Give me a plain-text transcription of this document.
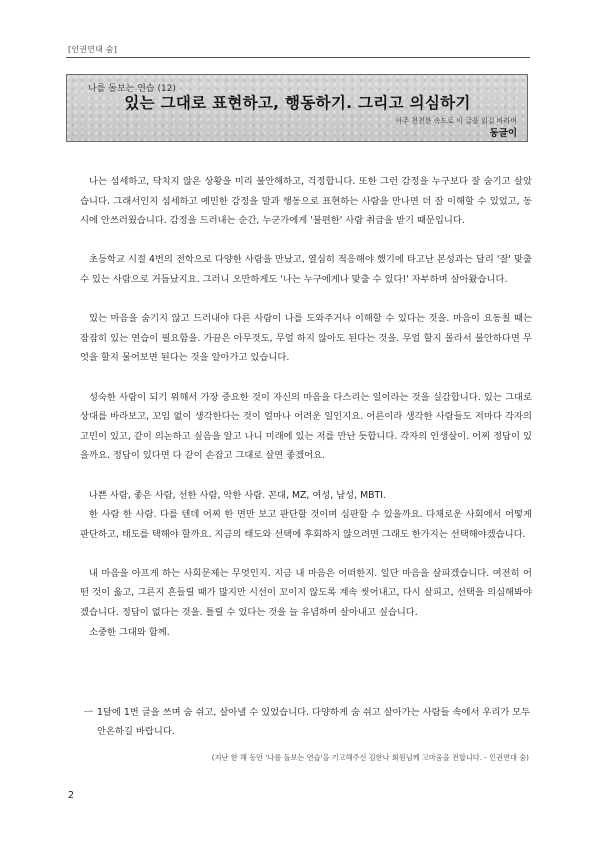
[인권연대 숨]
나를 돌보는 연습 (12)
있는 그대로 표현하고, 행동하기. 그리고 의심하기
아주 천천한 속도로 이 글을 읽길 바라며
동글이

나는 섬세하고, 닥치지 않은 상황을 미리 불안해하고, 걱정합니다. 또한 그런 감정을 누구보다 잘 숨기고 살았습니다. 그래서인지 섬세하고 예민한 감정을 말과 행동으로 표현하는 사람을 만나면 더 잘 이해할 수 있었고, 동시에 안쓰러웠습니다. 감정을 드러내는 순간, 누군가에게 '불편한' 사람 취급을 받기 때문입니다.

초등학교 시절 4번의 전학으로 다양한 사람을 만났고, 열심히 적응해야 했기에 타고난 본성과는 달리 '잘' 맞출 수 있는 사람으로 거듭났지요. 그러니 오만하게도 '나는 누구에게나 맞출 수 있다!' 자부하며 살아왔습니다.

있는 마음을 숨기지 않고 드러내야 다른 사람이 나를 도와주거나 이해할 수 있다는 것을. 마음이 요동칠 때는 잠잠히 있는 연습이 필요함을. 가끔은 아무것도, 무얼 하지 않아도 된다는 것을. 무얼 할지 몰라서 불안하다면 무엇을 할지 물어보면 된다는 것을 알아가고 있습니다.

성숙한 사람이 되기 위해서 가장 중요한 것이 자신의 마음을 다스리는 일이라는 것을 실감합니다. 있는 그대로 상대를 바라보고, 꼬임 없이 생각한다는 것이 얼마나 어려운 일인지요. 어른이라 생각한 사람들도 저마다 각자의 고민이 있고, 같이 의논하고 싶음을 알고 나니 미래에 있는 저를 만난 듯합니다. 각자의 인생살이. 어찌 정답이 있을까요. 정답이 있다면 다 같이 손잡고 그대로 살면 좋겠어요.

나쁜 사람, 좋은 사람, 선한 사람, 악한 사람. 꼰대, MZ, 여성, 남성, MBTI.

한 사람 한 사람. 다를 텐데 어찌 한 면만 보고 판단할 것이며 심판할 수 있을까요. 다채로운 사회에서 어떻게 판단하고, 태도를 택해야 할까요. 지금의 태도와 선택에 후회하지 않으려면 그래도 한가지는 선택해야겠습니다.

내 마음을 아프게 하는 사회문제는 무엇인지. 지금 내 마음은 어떠한지. 일단 마음을 살피겠습니다. 여전히 어떤 것이 옳고, 그른지 흔들릴 때가 많지만 시선이 꼬이지 않도록 계속 씻어내고, 다시 살피고, 선택을 의심해봐야겠습니다. 정답이 없다는 것을. 틀릴 수 있다는 것을 늘 유념하며 살아내고 싶습니다.

소중한 그대와 함께.

ㅡ 1달에 1번 글을 쓰며 숨 쉬고, 살아낼 수 있었습니다. 다양하게 숨 쉬고 살아가는 사람들 속에서 우리가 모두 안온하길 바랍니다.
(지난 한 해 동안 '나를 돌보는 연습'을 기고해주신 김한나 회원님께 고마움을 전합니다. - 인권연대 숨)
2
